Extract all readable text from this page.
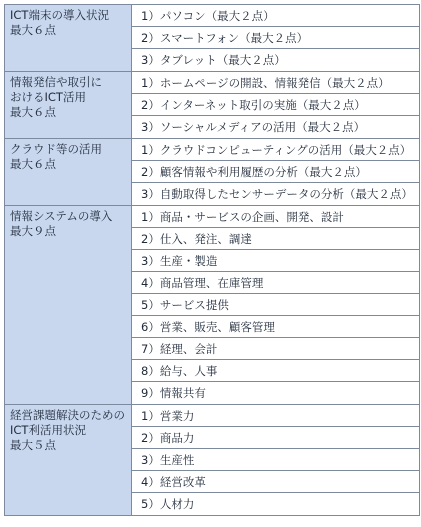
ICT端末の導入状況
最大６点
1）パソコン（最大２点）
2）スマートフォン（最大２点）
3）タブレット（最大２点）
情報発信や取引に
おけるICT活用
最大６点
1）ホームページの開設、情報発信（最大２点）
2）インターネット取引の実施（最大２点）
3）ソーシャルメディアの活用（最大２点）
クラウド等の活用
最大６点
1）クラウドコンピューティングの活用（最大２点）
2）顧客情報や利用履歴の分析（最大２点）
3）自動取得したセンサーデータの分析（最大２点）
情報システムの導入
最大９点
1）商品・サービスの企画、開発、設計
2）仕入、発注、調達
3）生産・製造
4）商品管理、在庫管理
5）サービス提供
6）営業、販売、顧客管理
7）経理、会計
8）給与、人事
9）情報共有
経営課題解決のための
ICT利活用状況
最大５点
1）営業力
2）商品力
3）生産性
4）経営改革
5）人材力
